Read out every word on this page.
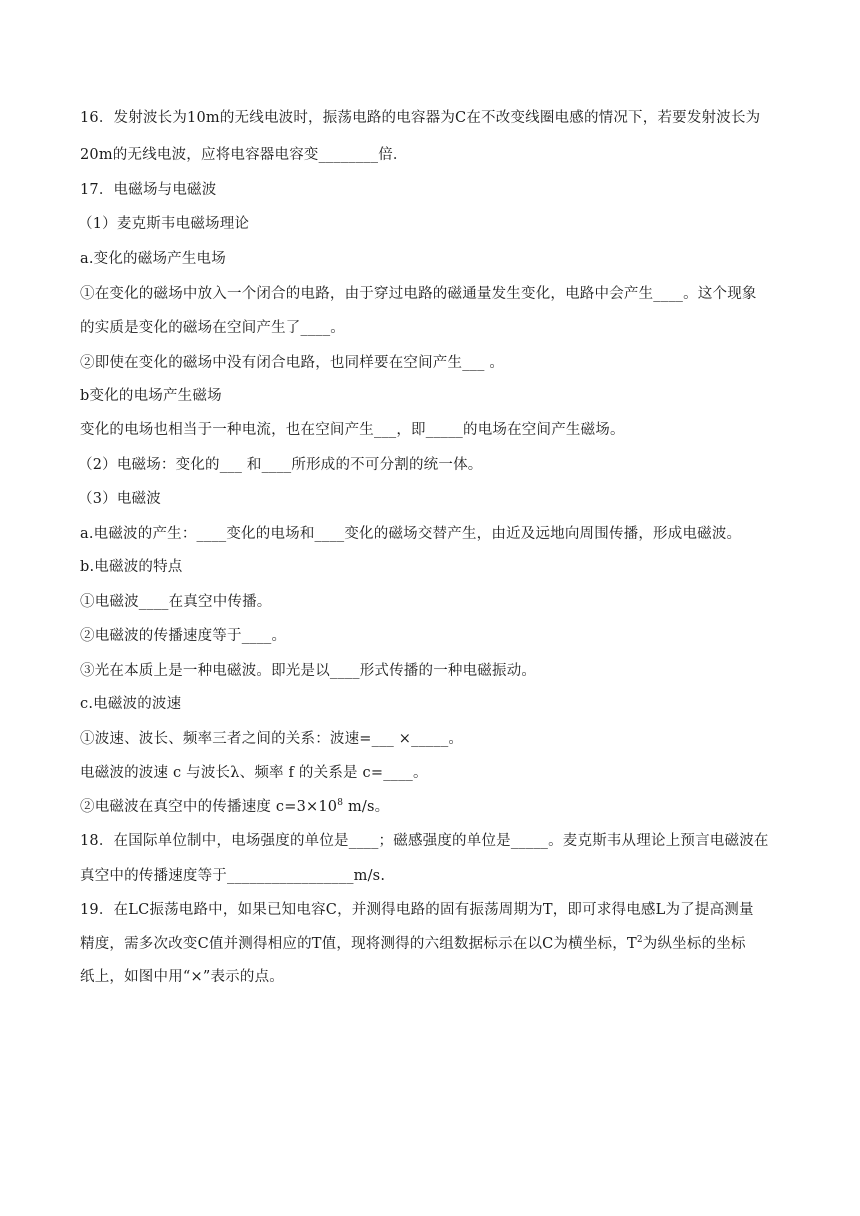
16．发射波长为10m的无线电波时，振荡电路的电容器为C在不改变线圈电感的情况下，若要发射波长为
20m的无线电波，应将电容器电容变________倍．
17．电磁场与电磁波
（1）麦克斯韦电磁场理论
a.变化的磁场产生电场
①在变化的磁场中放入一个闭合的电路，由于穿过电路的磁通量发生变化，电路中会产生____。这个现象
的实质是变化的磁场在空间产生了____。
②即使在变化的磁场中没有闭合电路，也同样要在空间产生___ 。
b变化的电场产生磁场
变化的电场也相当于一种电流，也在空间产生___，即_____的电场在空间产生磁场。
（2）电磁场：变化的___ 和____所形成的不可分割的统一体。
（3）电磁波
a.电磁波的产生：____变化的电场和____变化的磁场交替产生，由近及远地向周围传播，形成电磁波。
b.电磁波的特点
①电磁波____在真空中传播。
②电磁波的传播速度等于____。
③光在本质上是一种电磁波。即光是以____形式传播的一种电磁振动。
c.电磁波的波速
①波速、波长、频率三者之间的关系：波速=___ ×_____。
电磁波的波速 c 与波长λ、频率 f 的关系是 c=____。
②电磁波在真空中的传播速度 $c=3\times 10^8$ m/s。
18．在国际单位制中，电场强度的单位是____；磁感强度的单位是_____。麦克斯韦从理论上预言电磁波在
真空中的传播速度等于_________________m/s.
19．在LC振荡电路中，如果已知电容C，并测得电路的固有振荡周期为T，即可求得电感L为了提高测量
精度，需多次改变C值并测得相应的T值，现将测得的六组数据标示在以C为横坐标，$T^2$为纵坐标的坐标
纸上，如图中用“×”表示的点。
